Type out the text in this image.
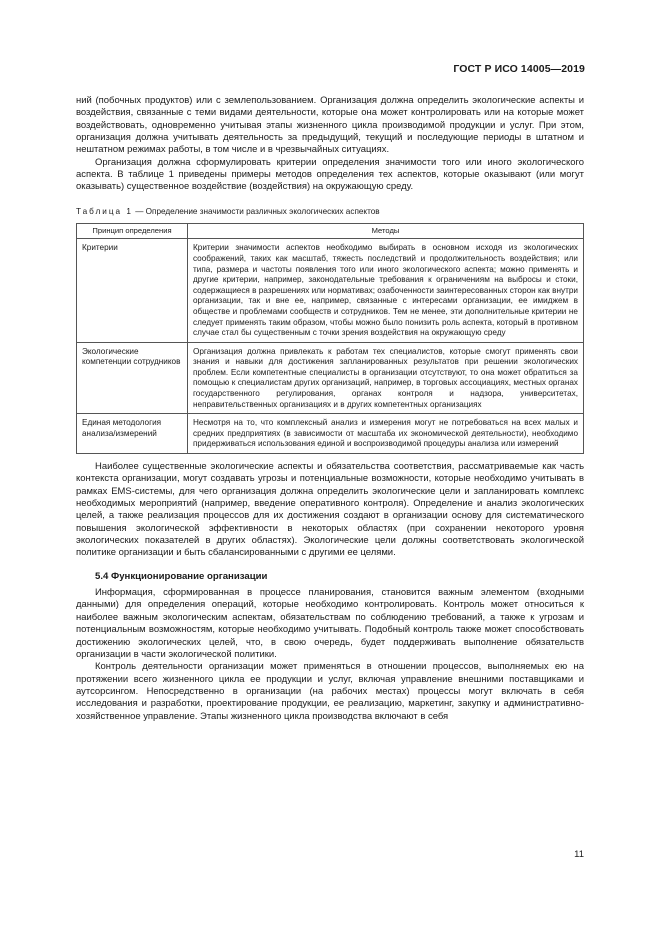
ГОСТ Р ИСО 14005—2019

ний (побочных продуктов) или с землепользованием. Организация должна определить экологические аспекты и воздействия, связанные с теми видами деятельности, которые она может контролировать или на которые может воздействовать, одновременно учитывая этапы жизненного цикла производимой продукции и услуг. При этом, организация должна учитывать деятельность за предыдущий, текущий и последующие периоды в штатном и нештатном режимах работы, в том числе и в чрезвычайных ситуациях.

Организация должна сформулировать критерии определения значимости того или иного экологического аспекта. В таблице 1 приведены примеры методов определения тех аспектов, которые оказывают (или могут оказывать) существенное воздействие (воздействия) на окружающую среду.

Таблица 1 — Определение значимости различных экологических аспектов
Принцип определения	Методы
Критерии	Критерии значимости аспектов необходимо выбирать в основном исходя из экологических соображений, таких как масштаб, тяжесть последствий и продолжительность воздействия; или типа, размера и частоты появления того или иного экологического аспекта; можно применять и другие критерии, например, законодательные требования к ограничениям на выбросы и стоки, содержащиеся в разрешениях или нормативах; озабоченности заинтересованных сторон как внутри организации, так и вне ее, например, связанные с интересами организации, ее имиджем в обществе и проблемами сообществ и сотрудников. Тем не менее, эти дополнительные критерии не следует применять таким образом, чтобы можно было понизить роль аспекта, который в противном случае стал бы существенным с точки зрения воздействия на окружающую среду
Экологические компетенции сотрудников	Организация должна привлекать к работам тех специалистов, которые смогут применять свои знания и навыки для достижения запланированных результатов при решении экологических проблем. Если компетентные специалисты в организации отсутствуют, то она может обратиться за помощью к специалистам других организаций, например, в торговых ассоциациях, местных органах государственного регулирования, органах контроля и надзора, университетах, неправительственных организациях и в других компетентных организациях
Единая методология анализа/измерений	Несмотря на то, что комплексный анализ и измерения могут не потребоваться на всех малых и средних предприятиях (в зависимости от масштаба их экономической деятельности), необходимо придерживаться использования единой и воспроизводимой процедуры анализа или измерений

Наиболее существенные экологические аспекты и обязательства соответствия, рассматриваемые как часть контекста организации, могут создавать угрозы и потенциальные возможности, которые необходимо учитывать в рамках EMS-системы, для чего организация должна определить экологические цели и запланировать комплекс необходимых мероприятий (например, введение оперативного контроля). Определение и анализ экологических целей, а также реализация процессов для их достижения создают в организации основу для систематического повышения экологической эффективности в некоторых областях (при сохранении некоторого уровня экологических показателей в других областях). Экологические цели должны соответствовать экологической политике организации и быть сбалансированными с другими ее целями.

5.4 Функционирование организации

Информация, сформированная в процессе планирования, становится важным элементом (входными данными) для определения операций, которые необходимо контролировать. Контроль может относиться к наиболее важным экологическим аспектам, обязательствам по соблюдению требований, а также к угрозам и потенциальным возможностям, которые необходимо учитывать. Подобный контроль также может способствовать достижению экологических целей, что, в свою очередь, будет поддерживать выполнение обязательств организации в части экологической политики.

Контроль деятельности организации может применяться в отношении процессов, выполняемых ею на протяжении всего жизненного цикла ее продукции и услуг, включая управление внешними поставщиками и аутсорсингом. Непосредственно в организации (на рабочих местах) процессы могут включать в себя исследования и разработки, проектирование продукции, ее реализацию, маркетинг, закупку и административно-хозяйственное управление. Этапы жизненного цикла производства включают в себя

11
